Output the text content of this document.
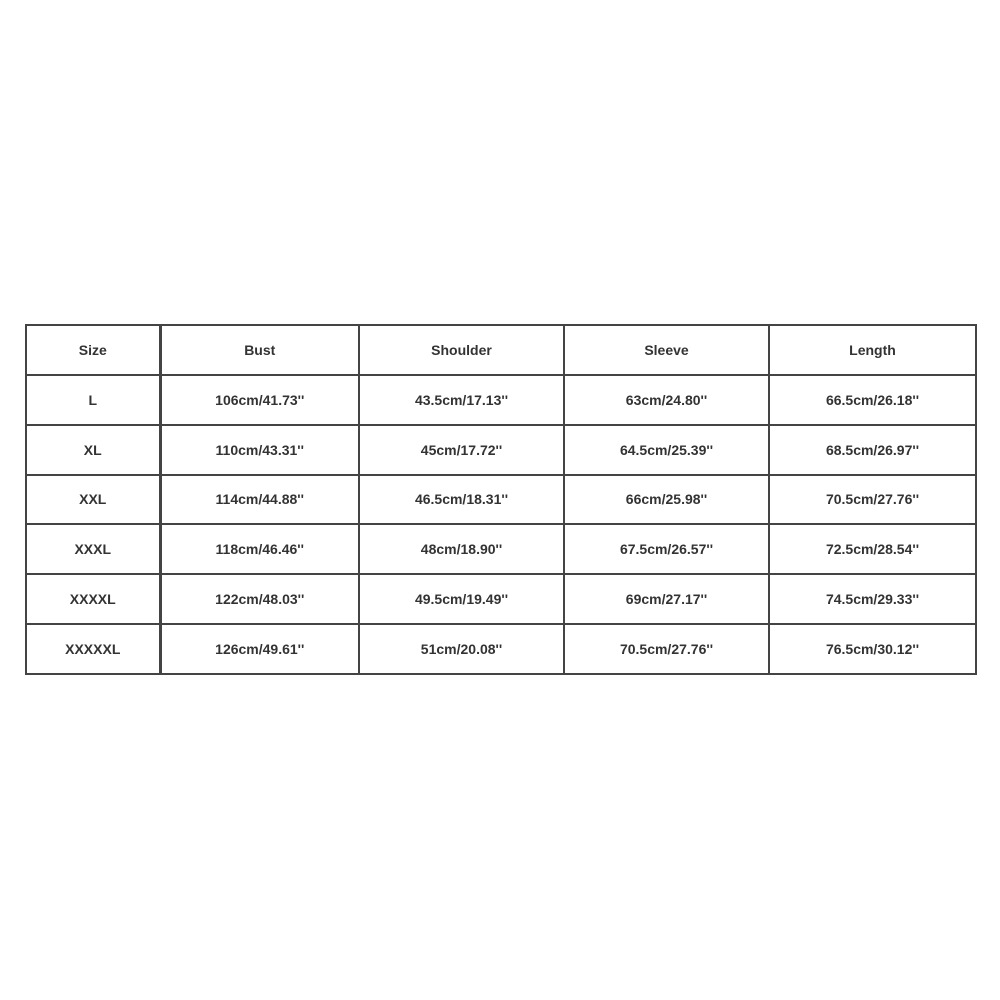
Size	Bust	Shoulder	Sleeve	Length
L	106cm/41.73''	43.5cm/17.13''	63cm/24.80''	66.5cm/26.18''
XL	110cm/43.31''	45cm/17.72''	64.5cm/25.39''	68.5cm/26.97''
XXL	114cm/44.88''	46.5cm/18.31''	66cm/25.98''	70.5cm/27.76''
XXXL	118cm/46.46''	48cm/18.90''	67.5cm/26.57''	72.5cm/28.54''
XXXXL	122cm/48.03''	49.5cm/19.49''	69cm/27.17''	74.5cm/29.33''
XXXXXL	126cm/49.61''	51cm/20.08''	70.5cm/27.76''	76.5cm/30.12''
